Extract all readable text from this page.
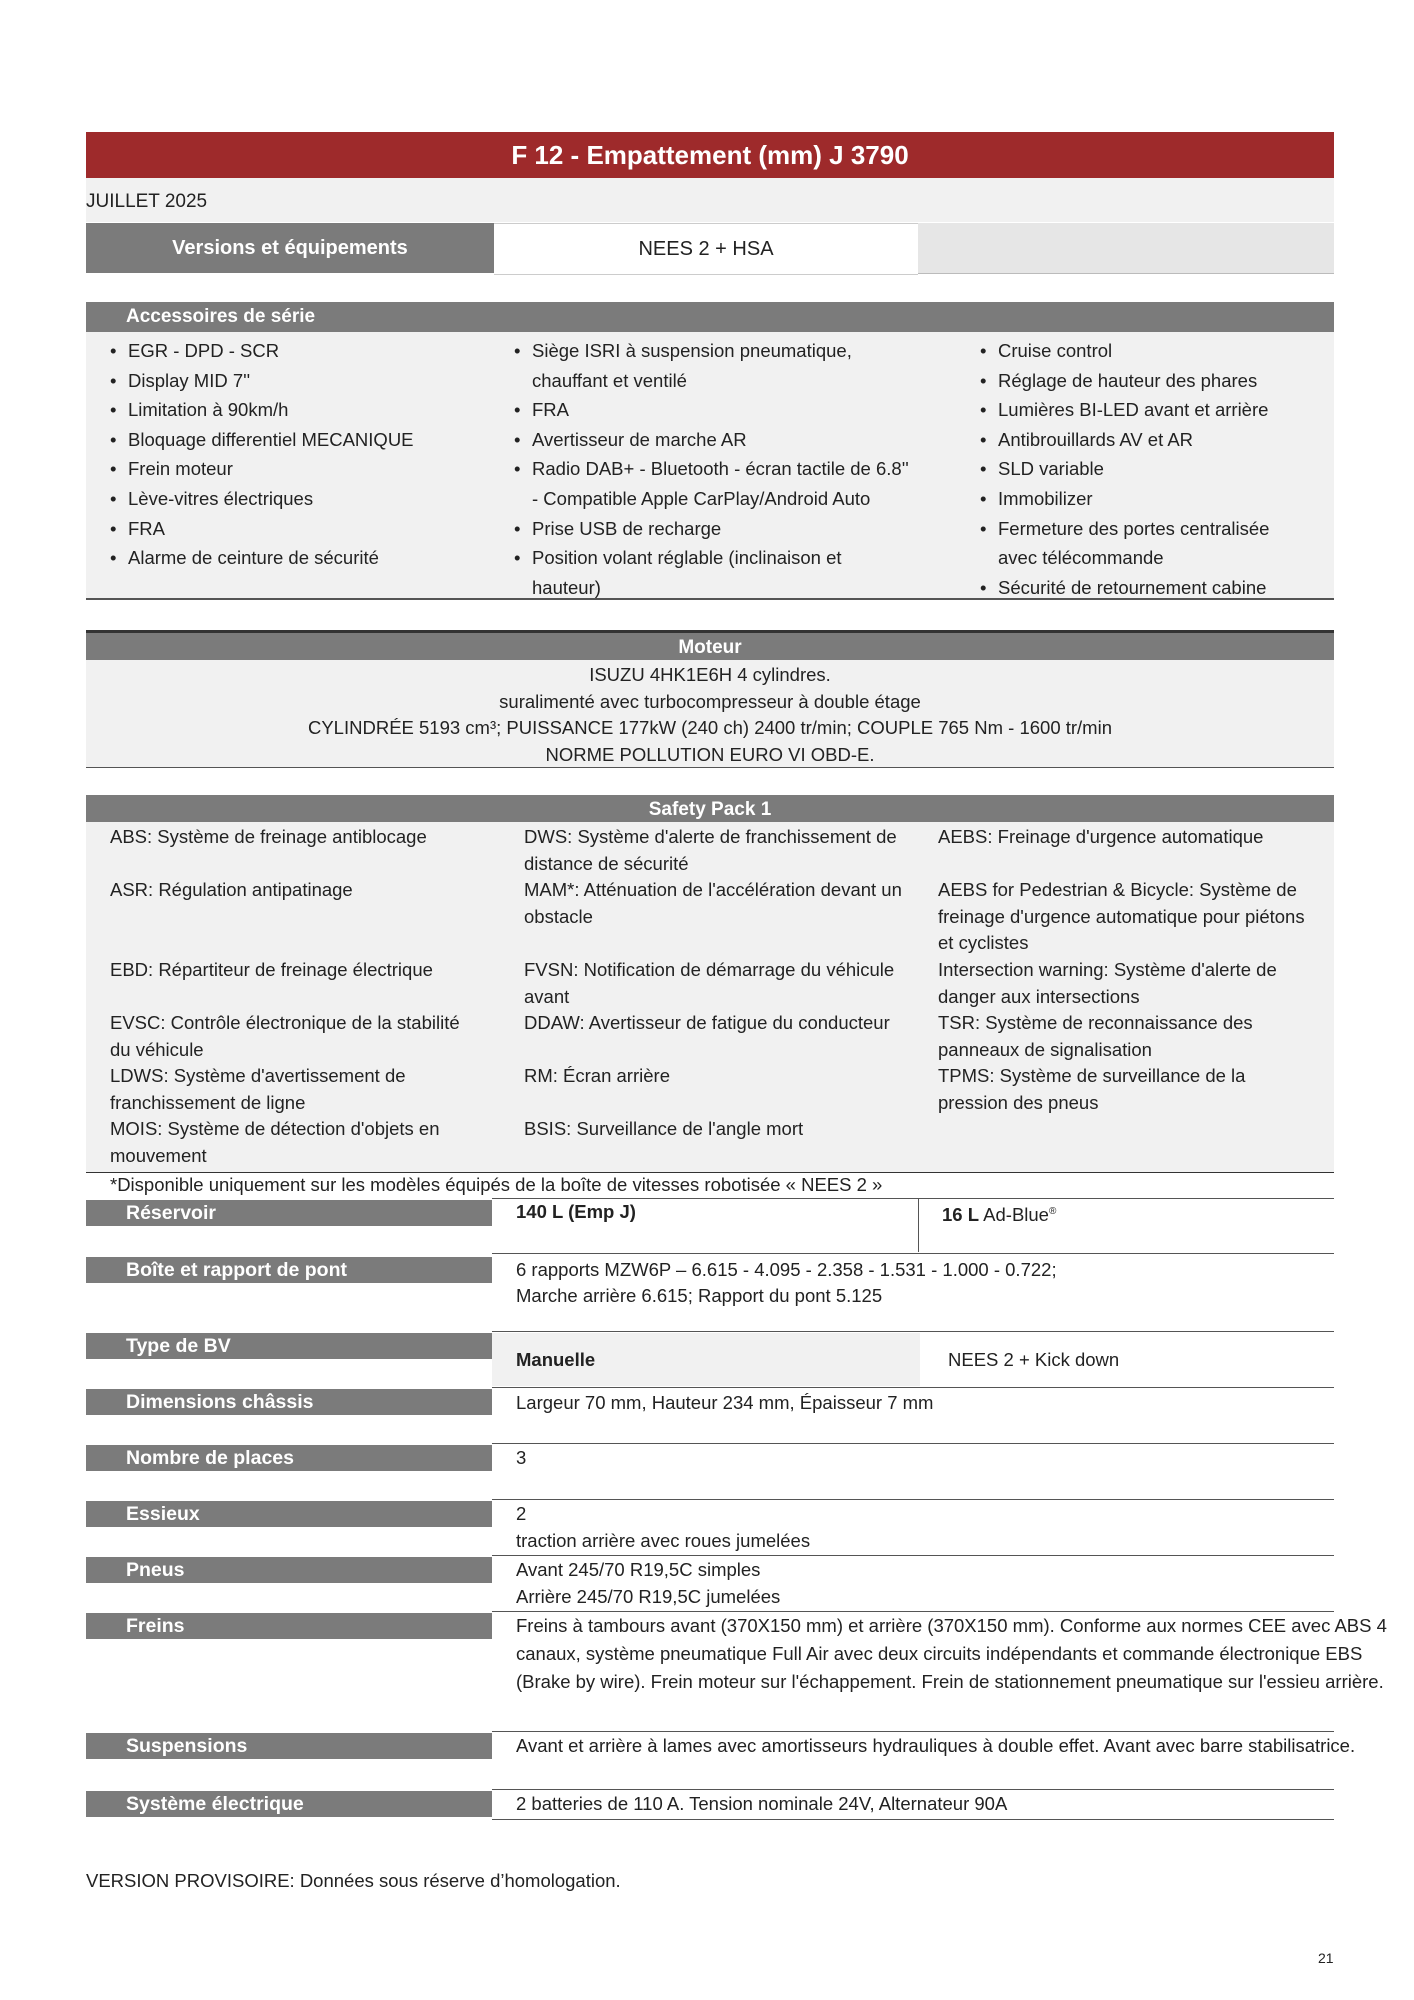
F 12 - Empattement (mm) J 3790
JUILLET 2025
Versions et équipements	NEES 2 + HSA
Accessoires de série
• EGR - DPD - SCR
• Display MID 7''
• Limitation à 90km/h
• Bloquage differentiel MECANIQUE
• Frein moteur
• Lève-vitres électriques
• FRA
• Alarme de ceinture de sécurité
• Siège ISRI à suspension pneumatique, chauffant et ventilé
• FRA
• Avertisseur de marche AR
• Radio DAB+ - Bluetooth - écran tactile de 6.8'' - Compatible Apple CarPlay/Android Auto
• Prise USB de recharge
• Position volant réglable (inclinaison et hauteur)
• Cruise control
• Réglage de hauteur des phares
• Lumières BI-LED avant et arrière
• Antibrouillards AV et AR
• SLD variable
• Immobilizer
• Fermeture des portes centralisée avec télécommande
• Sécurité de retournement cabine
Moteur
ISUZU 4HK1E6H 4 cylindres.
suralimenté avec turbocompresseur à double étage
CYLINDRÉE 5193 cm³; PUISSANCE 177kW (240 ch) 2400 tr/min; COUPLE 765 Nm - 1600 tr/min
NORME POLLUTION EURO VI OBD-E.
Safety Pack 1
ABS: Système de freinage antiblocage
ASR: Régulation antipatinage
EBD: Répartiteur de freinage électrique
EVSC: Contrôle électronique de la stabilité du véhicule
LDWS: Système d'avertissement de franchissement de ligne
MOIS: Système de détection d'objets en mouvement
DWS: Système d'alerte de franchissement de distance de sécurité
MAM*: Atténuation de l'accélération devant un obstacle
FVSN: Notification de démarrage du véhicule avant
DDAW: Avertisseur de fatigue du conducteur
RM: Écran arrière
BSIS: Surveillance de l'angle mort
AEBS: Freinage d'urgence automatique
AEBS for Pedestrian & Bicycle: Système de freinage d'urgence automatique pour piétons et cyclistes
Intersection warning: Système d'alerte de danger aux intersections
TSR: Système de reconnaissance des panneaux de signalisation
TPMS: Système de surveillance de la pression des pneus
*Disponible uniquement sur les modèles équipés de la boîte de vitesses robotisée « NEES 2 »
Réservoir	140 L (Emp J)	16 L Ad-Blue®
Boîte et rapport de pont	6 rapports MZW6P – 6.615 - 4.095 - 2.358 - 1.531 - 1.000 - 0.722;
Marche arrière 6.615; Rapport du pont 5.125
Type de BV
Manuelle	NEES 2 + Kick down
Dimensions châssis	Largeur 70 mm, Hauteur 234 mm, Épaisseur 7 mm
Nombre de places	3
Essieux	2
traction arrière avec roues jumelées
Pneus	Avant 245/70 R19,5C simples
Arrière 245/70 R19,5C jumelées
Freins	Freins à tambours avant (370X150 mm) et arrière (370X150 mm). Conforme aux normes CEE avec ABS 4
canaux, système pneumatique Full Air avec deux circuits indépendants et commande électronique EBS
(Brake by wire). Frein moteur sur l'échappement. Frein de stationnement pneumatique sur l'essieu arrière.
Suspensions	Avant et arrière à lames avec amortisseurs hydrauliques à double effet. Avant avec barre stabilisatrice.
Système électrique	2 batteries de 110 A. Tension nominale 24V, Alternateur 90A
VERSION PROVISOIRE: Données sous réserve d’homologation.
21
